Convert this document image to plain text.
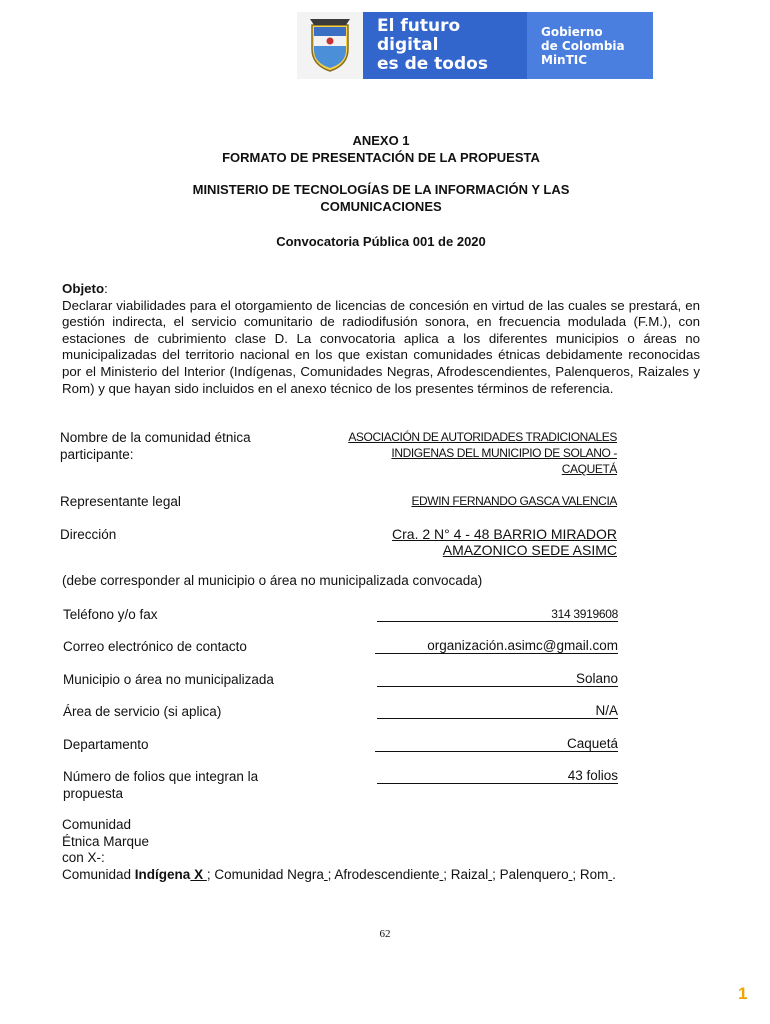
El futuro digital
es de todos
Gobierno
de Colombia
MinTIC
ANEXO 1
FORMATO DE PRESENTACIÓN DE LA PROPUESTA
MINISTERIO DE TECNOLOGÍAS DE LA INFORMACIÓN Y LAS
COMUNICACIONES
Convocatoria Pública 001 de 2020
Objeto:
Declarar viabilidades para el otorgamiento de licencias de concesión en virtud de las cuales se prestará, en gestión indirecta, el servicio comunitario de radiodifusión sonora, en frecuencia modulada (F.M.), con estaciones de cubrimiento clase D. La convocatoria aplica a los diferentes municipios o áreas no municipalizadas del territorio nacional en los que existan comunidades étnicas debidamente reconocidas por el Ministerio del Interior (Indígenas, Comunidades Negras, Afrodescendientes, Palenqueros, Raizales y Rom) y que hayan sido incluidos en el anexo técnico de los presentes términos de referencia.
Nombre de la comunidad étnica
participante:
ASOCIACIÓN DE AUTORIDADES TRADICIONALES
INDIGENAS DEL MUNICIPIO DE SOLANO -
CAQUETÁ
Representante legal	EDWIN FERNANDO GASCA VALENCIA
Dirección	Cra. 2 N° 4 - 48 BARRIO MIRADOR
AMAZONICO SEDE ASIMC
(debe corresponder al municipio o área no municipalizada convocada)
Teléfono y/o fax	314 3919608
Correo electrónico de contacto	organización.asimc@gmail.com
Municipio o área no municipalizada	Solano
Área de servicio (si aplica)	N/A
Departamento	Caquetá
Número de folios que integran la
propuesta
43 folios
Comunidad
Étnica Marque
con X-:
Comunidad Indígena X ; Comunidad Negra ; Afrodescendiente ; Raizal ; Palenquero ; Rom .
62
1
